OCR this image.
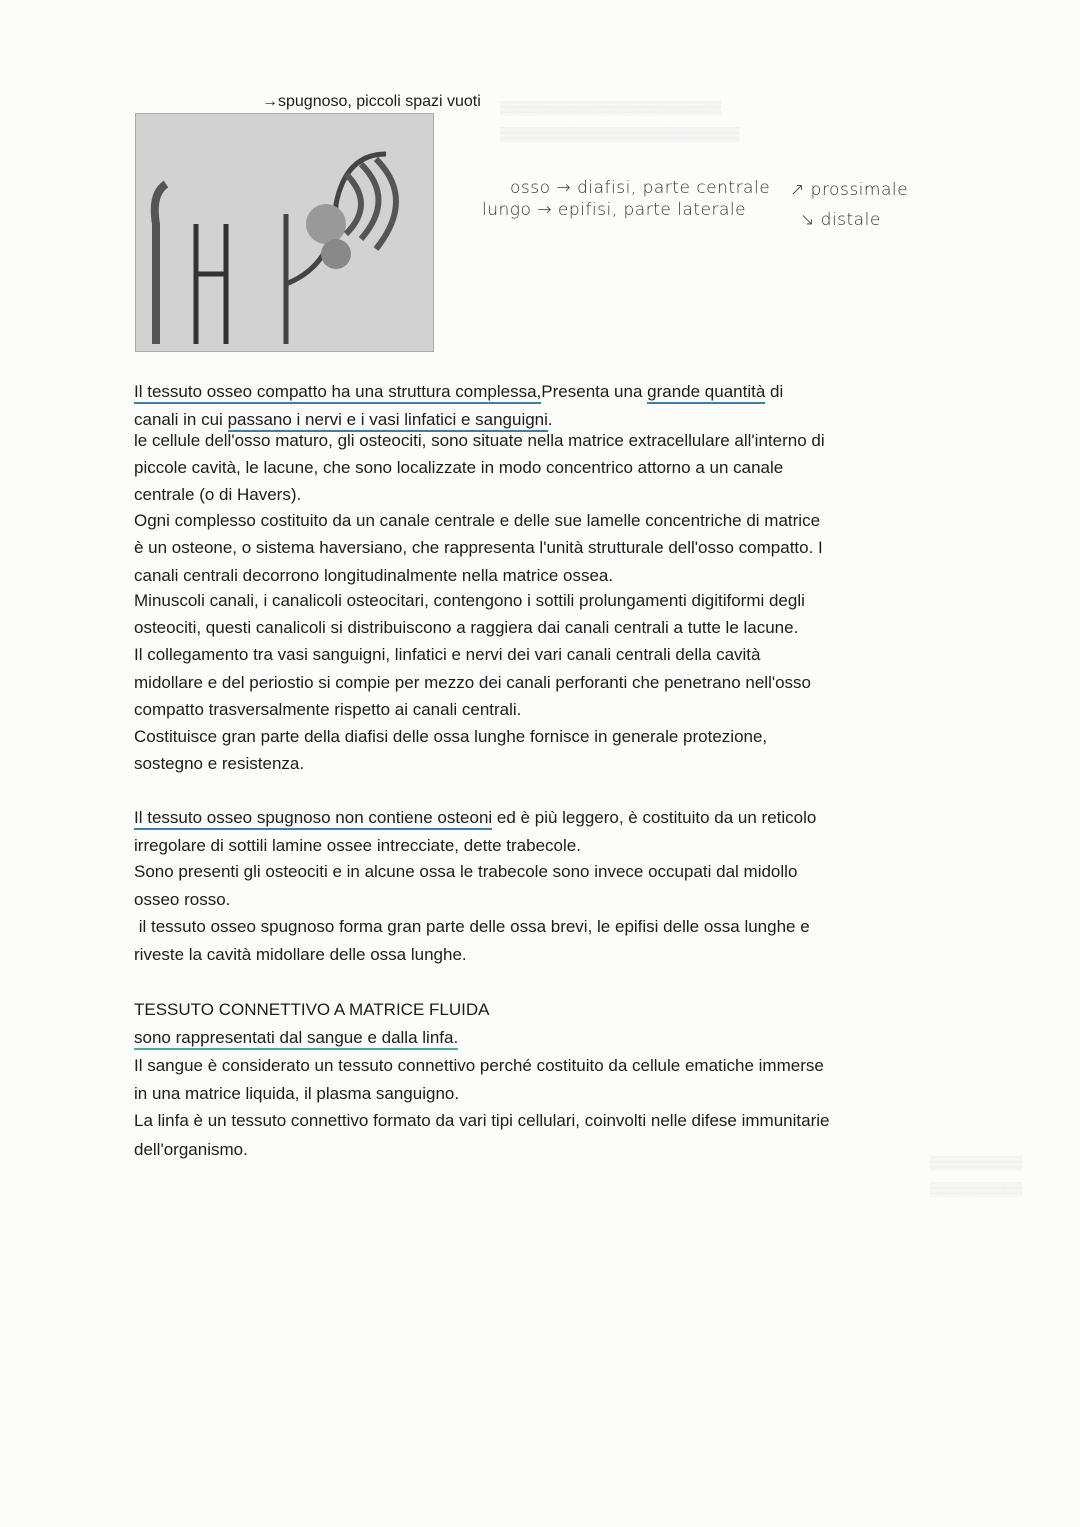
▒▒▒▒▒▒▒▒▒▒▒▒▒▒▒▒▒▒▒▒▒▒▒▒
▒▒▒▒▒▒▒▒▒▒▒▒▒▒▒▒▒▒▒▒▒▒▒▒▒▒
→spugnoso, piccoli spazi vuoti
osso → diafisi, parte centrale
lungo → epifisi, parte laterale
↗ prossimale
↘ distale
Il tessuto osseo compatto ha una struttura complessa,Presenta una grande quantità di
canali in cui passano i nervi e i vasi linfatici e sanguigni.
le cellule dell'osso maturo, gli osteociti, sono situate nella matrice extracellulare all'interno di
piccole cavità, le lacune, che sono localizzate in modo concentrico attorno a un canale
centrale (o di Havers).
Ogni complesso costituito da un canale centrale e delle sue lamelle concentriche di matrice
è un osteone, o sistema haversiano, che rappresenta l'unità strutturale dell'osso compatto. I
canali centrali decorrono longitudinalmente nella matrice ossea.
Minuscoli canali, i canalicoli osteocitari, contengono i sottili prolungamenti digitiformi degli
osteociti, questi canalicoli si distribuiscono a raggiera dai canali centrali a tutte le lacune.
Il collegamento tra vasi sanguigni, linfatici e nervi dei vari canali centrali della cavità
midollare e del periostio si compie per mezzo dei canali perforanti che penetrano nell'osso
compatto trasversalmente rispetto ai canali centrali.
Costituisce gran parte della diafisi delle ossa lunghe fornisce in generale protezione,
sostegno e resistenza.
Il tessuto osseo spugnoso non contiene osteoni ed è più leggero, è costituito da un reticolo
irregolare di sottili lamine ossee intrecciate, dette trabecole.
Sono presenti gli osteociti e in alcune ossa le trabecole sono invece occupati dal midollo
osseo rosso.
il tessuto osseo spugnoso forma gran parte delle ossa brevi, le epifisi delle ossa lunghe e
riveste la cavità midollare delle ossa lunghe.
TESSUTO CONNETTIVO A MATRICE FLUIDA
sono rappresentati dal sangue e dalla linfa.
Il sangue è considerato un tessuto connettivo perché costituito da cellule ematiche immerse
in una matrice liquida, il plasma sanguigno.
La linfa è un tessuto connettivo formato da vari tipi cellulari, coinvolti nelle difese immunitarie
dell'organismo.
▒▒▒▒▒▒▒▒▒▒
▒▒▒▒▒▒▒▒▒▒
